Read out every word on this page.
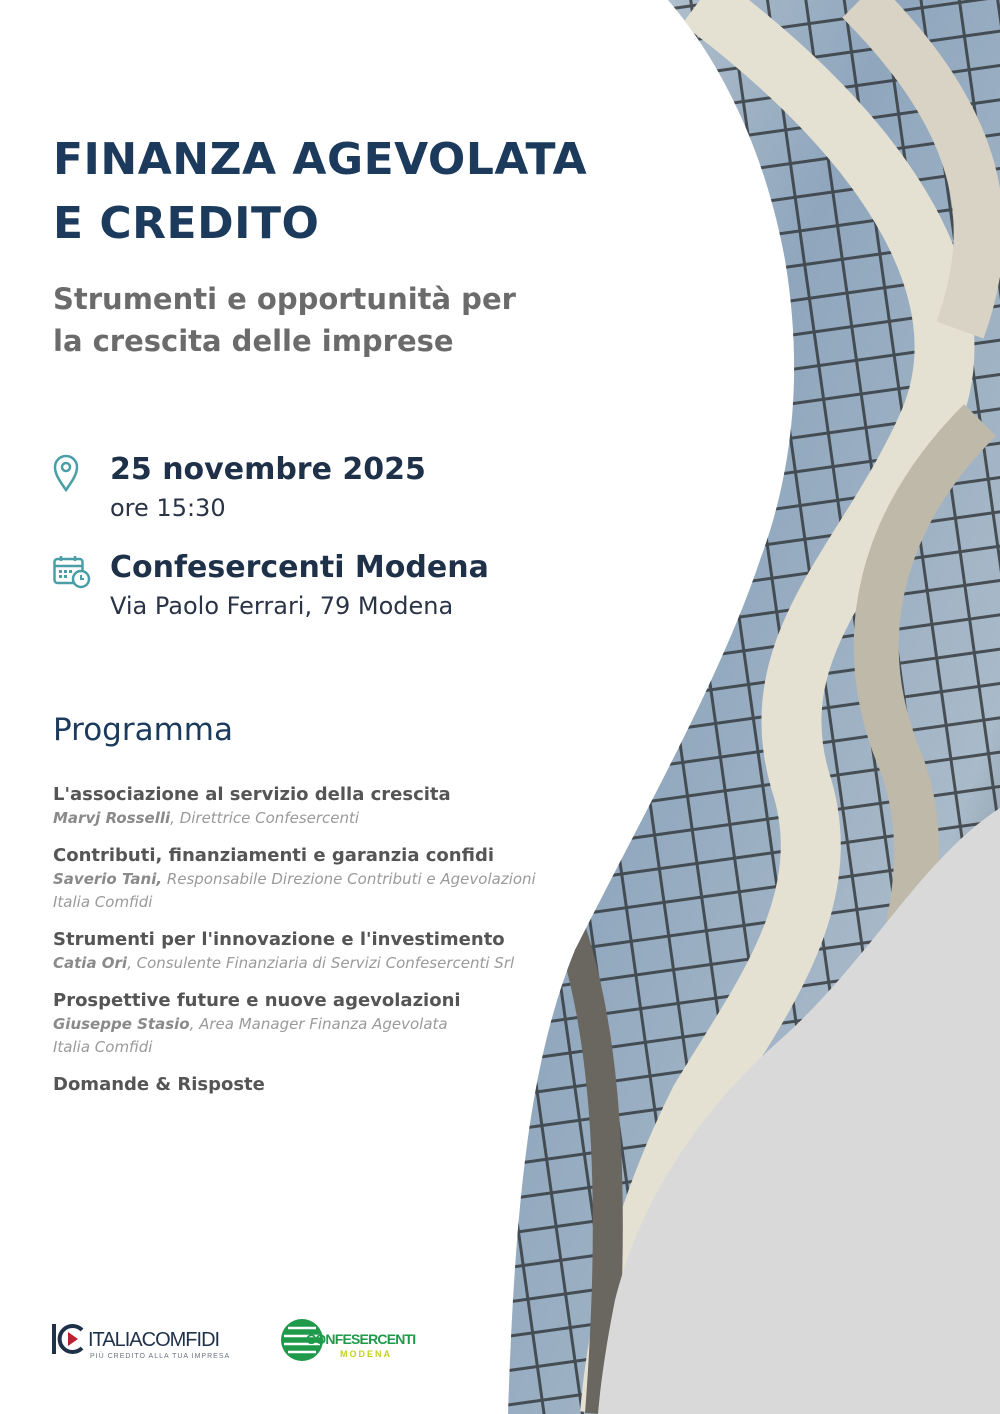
FINANZA AGEVOLATA
E CREDITO
Strumenti e opportunità per
la crescita delle imprese
25 novembre 2025
ore 15:30
Confesercenti Modena
Via Paolo Ferrari, 79 Modena
Programma
L'associazione al servizio della crescita
Marvj Rosselli, Direttrice Confesercenti
Contributi, finanziamenti e garanzia confidi
Saverio Tani, Responsabile Direzione Contributi e Agevolazioni
Italia Comfidi
Strumenti per l'innovazione e l'investimento
Catia Ori, Consulente Finanziaria di Servizi Confesercenti Srl
Prospettive future e nuove agevolazioni
Giuseppe Stasio, Area Manager Finanza Agevolata
Italia Comfidi
Domande & Risposte
ITALIACOMFIDI
PIÙ CREDITO ALLA TUA IMPRESA
CONFESERCENTI
MODENA
